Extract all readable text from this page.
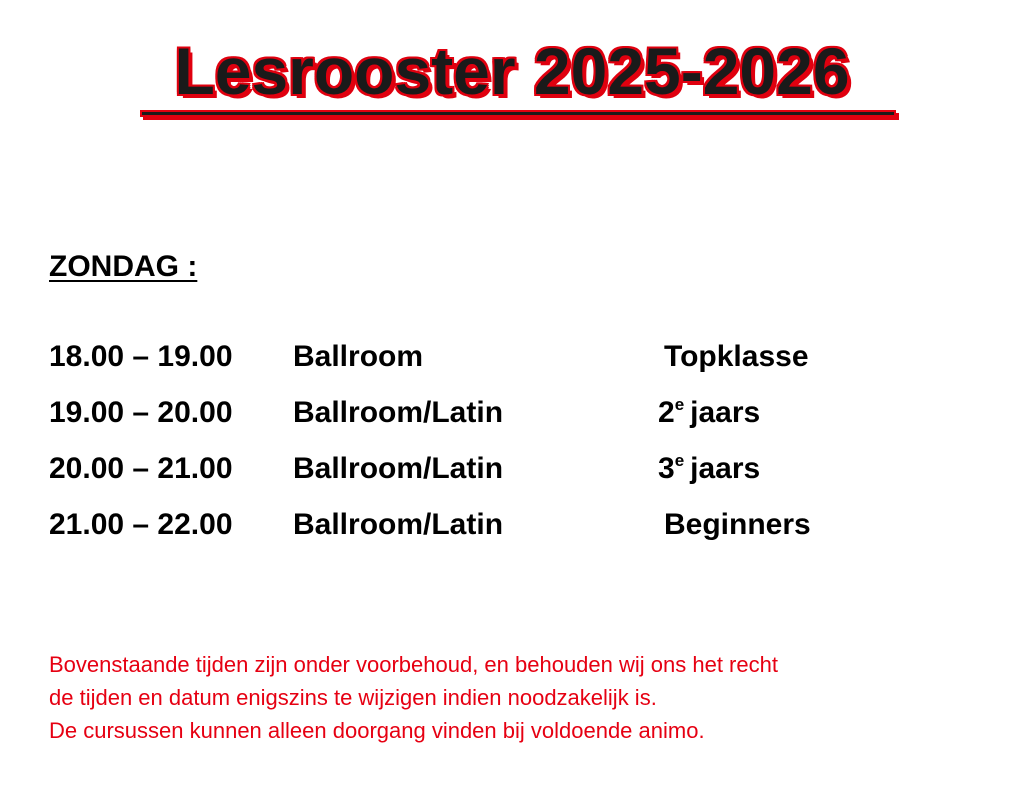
Lesrooster 2025-2026
ZONDAG :
18.00 – 19.00 Ballroom	Topklasse
19.00 – 20.00 Ballroom/Latin	2e jaars
20.00 – 21.00 Ballroom/Latin	3e jaars
21.00 – 22.00 Ballroom/Latin	Beginners
Bovenstaande tijden zijn onder voorbehoud, en behouden wij ons het recht
de tijden en datum enigszins te wijzigen indien noodzakelijk is.
De cursussen kunnen alleen doorgang vinden bij voldoende animo.
